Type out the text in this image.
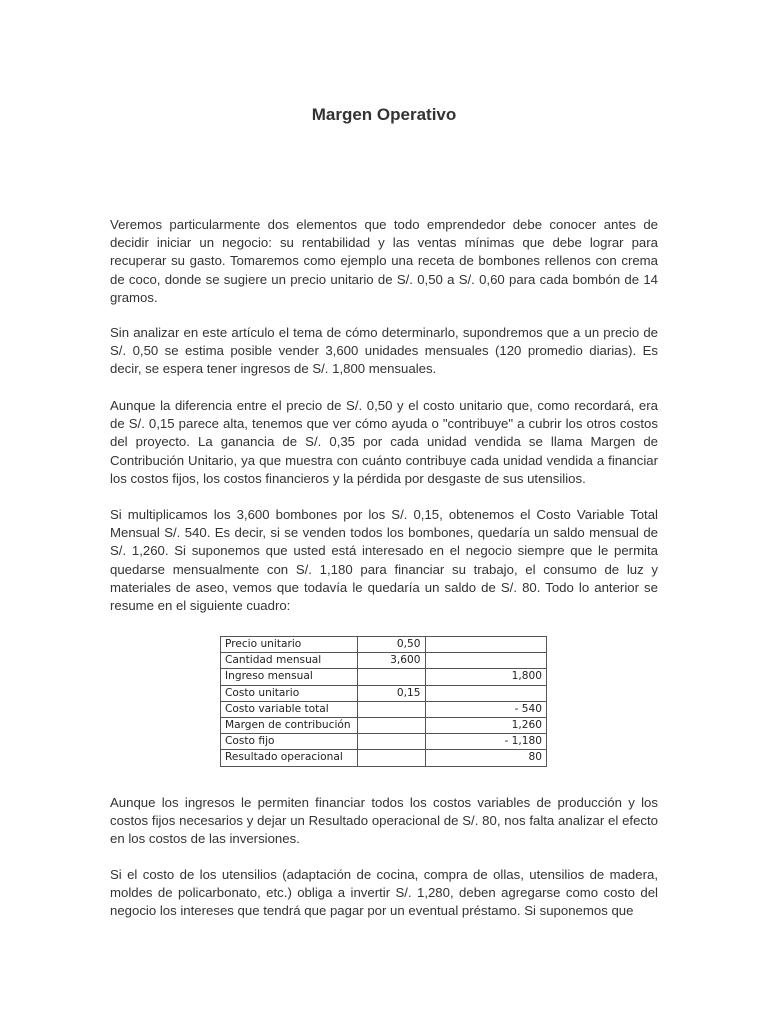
Margen Operativo

Veremos particularmente dos elementos que todo emprendedor debe conocer antes de decidir iniciar un negocio: su rentabilidad y las ventas mínimas que debe lograr para recuperar su gasto. Tomaremos como ejemplo una receta de bombones rellenos con crema de coco, donde se sugiere un precio unitario de S/. 0,50 a S/. 0,60 para cada bombón de 14 gramos.

Sin analizar en este artículo el tema de cómo determinarlo, supondremos que a un precio de S/. 0,50 se estima posible vender 3,600 unidades mensuales (120 promedio diarias). Es decir, se espera tener ingresos de S/. 1,800 mensuales.

Aunque la diferencia entre el precio de S/. 0,50 y el costo unitario que, como recordará, era de S/. 0,15 parece alta, tenemos que ver cómo ayuda o "contribuye" a cubrir los otros costos del proyecto. La ganancia de S/. 0,35 por cada unidad vendida se llama Margen de Contribución Unitario, ya que muestra con cuánto contribuye cada unidad vendida a financiar los costos fijos, los costos financieros y la pérdida por desgaste de sus utensilios.

Si multiplicamos los 3,600 bombones por los S/. 0,15, obtenemos el Costo Variable Total Mensual S/. 540. Es decir, si se venden todos los bombones, quedaría un saldo mensual de S/. 1,260. Si suponemos que usted está interesado en el negocio siempre que le permita quedarse mensualmente con S/. 1,180 para financiar su trabajo, el consumo de luz y materiales de aseo, vemos que todavía le quedaría un saldo de S/. 80. Todo lo anterior se resume en el siguiente cuadro:

Aunque los ingresos le permiten financiar todos los costos variables de producción y los costos fijos necesarios y dejar un Resultado operacional de S/. 80, nos falta analizar el efecto en los costos de las inversiones.

Si el costo de los utensilios (adaptación de cocina, compra de ollas, utensilios de madera, moldes de policarbonato, etc.) obliga a invertir S/. 1,280, deben agregarse como costo del negocio los intereses que tendrá que pagar por un eventual préstamo. Si suponemos que

Precio unitario	0,50	
Cantidad mensual	3,600	
Ingreso mensual		1,800
Costo unitario	0,15	
Costo variable total		- 540
Margen de contribución		1,260
Costo fijo		- 1,180
Resultado operacional		80
